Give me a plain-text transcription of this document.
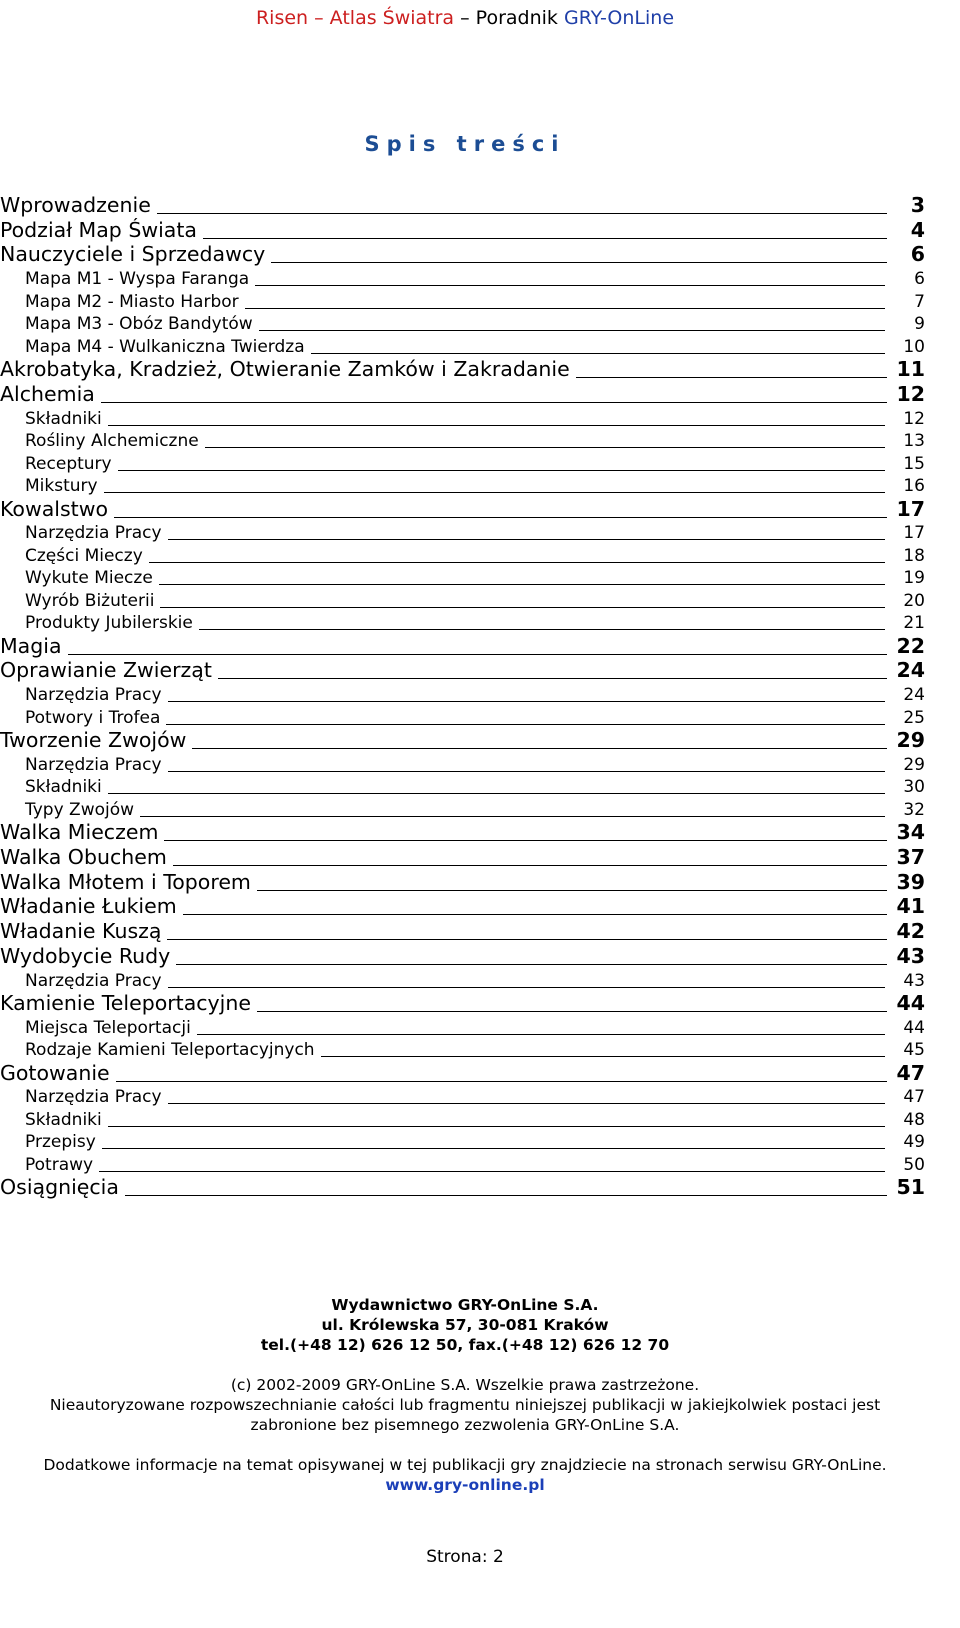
Risen – Atlas Światra – Poradnik GRY-OnLine
Spis treści
Wprowadzenie	3
Podział Map Świata	4
Nauczyciele i Sprzedawcy	6
Mapa M1 - Wyspa Faranga	6
Mapa M2 - Miasto Harbor	7
Mapa M3 - Obóz Bandytów	9
Mapa M4 - Wulkaniczna Twierdza	10
Akrobatyka, Kradzież, Otwieranie Zamków i Zakradanie	11
Alchemia	12
Składniki	12
Rośliny Alchemiczne	13
Receptury	15
Mikstury	16
Kowalstwo	17
Narzędzia Pracy	17
Części Mieczy	18
Wykute Miecze	19
Wyrób Biżuterii	20
Produkty Jubilerskie	21
Magia	22
Oprawianie Zwierząt	24
Narzędzia Pracy	24
Potwory i Trofea	25
Tworzenie Zwojów	29
Narzędzia Pracy	29
Składniki	30
Typy Zwojów	32
Walka Mieczem	34
Walka Obuchem	37
Walka Młotem i Toporem	39
Władanie Łukiem	41
Władanie Kuszą	42
Wydobycie Rudy	43
Narzędzia Pracy	43
Kamienie Teleportacyjne	44
Miejsca Teleportacji	44
Rodzaje Kamieni Teleportacyjnych	45
Gotowanie	47
Narzędzia Pracy	47
Składniki	48
Przepisy	49
Potrawy	50
Osiągnięcia	51
Wydawnictwo GRY-OnLine S.A.
ul. Królewska 57, 30-081 Kraków
tel.(+48 12) 626 12 50, fax.(+48 12) 626 12 70
(c) 2002-2009 GRY-OnLine S.A. Wszelkie prawa zastrzeżone.
Nieautoryzowane rozpowszechnianie całości lub fragmentu niniejszej publikacji w jakiejkolwiek postaci jest
zabronione bez pisemnego zezwolenia GRY-OnLine S.A.
Dodatkowe informacje na temat opisywanej w tej publikacji gry znajdziecie na stronach serwisu GRY-OnLine.
www.gry-online.pl
Strona: 2
